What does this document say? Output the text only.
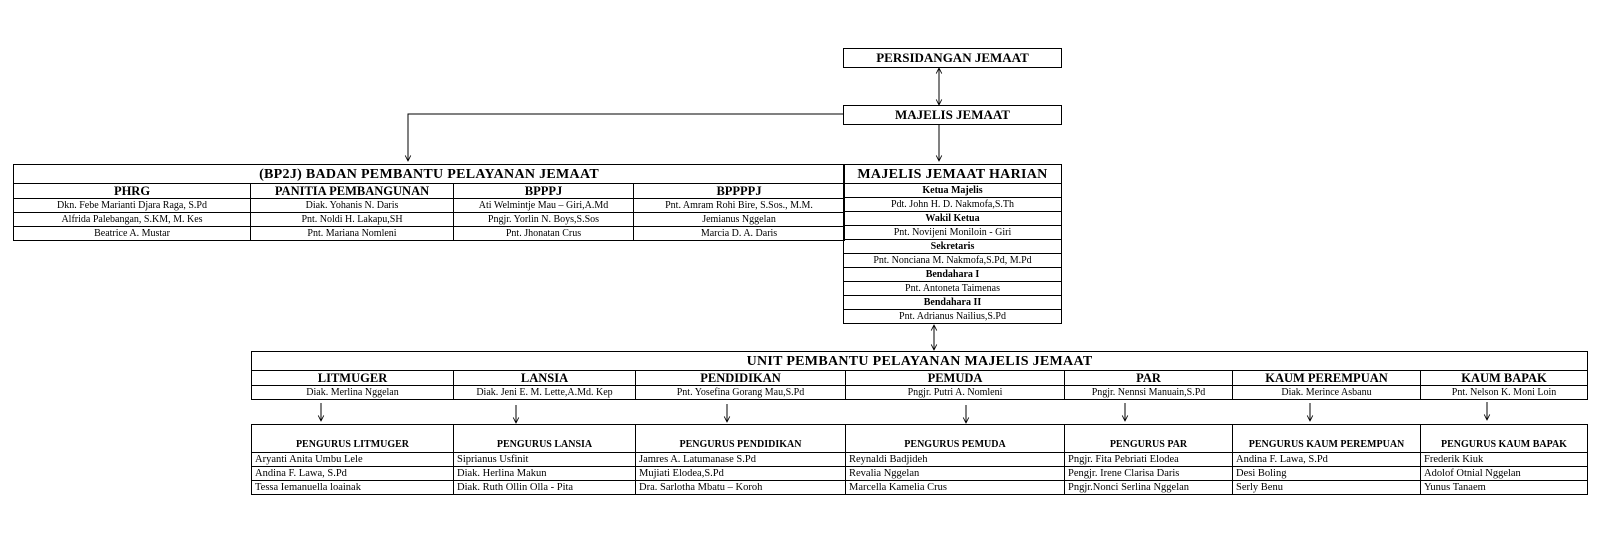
PERSIDANGAN JEMAAT
MAJELIS JEMAAT
(BP2J) BADAN PEMBANTU PELAYANAN JEMAAT			
PHRG	PANITIA PEMBANGUNAN	BPPPJ	BPPPPJ
Dkn. Febe Marianti Djara Raga, S.Pd	Diak. Yohanis N. Daris	Ati Welmintje Mau – Giri,A.Md	Pnt. Amram Rohi Bire, S.Sos., M.M.
Alfrida Palebangan, S.KM, M. Kes	Pnt. Noldi H. Lakapu,SH	Pngjr. Yorlin N. Boys,S.Sos	Jemianus Nggelan
Beatrice A. Mustar	Pnt. Mariana Nomleni	Pnt. Jhonatan Crus	Marcia D. A. Daris
MAJELIS JEMAAT HARIAN
Ketua Majelis
Pdt. John H. D. Nakmofa,S.Th
Wakil Ketua
Pnt. Novijeni Moniloin - Giri
Sekretaris
Pnt. Nonciana M. Nakmofa,S.Pd, M.Pd
Bendahara I
Pnt. Antoneta Taimenas
Bendahara II
Pnt. Adrianus Nailius,S.Pd
UNIT PEMBANTU PELAYANAN MAJELIS JEMAAT						
LITMUGER	LANSIA	PENDIDIKAN	PEMUDA	PAR	KAUM PEREMPUAN	KAUM BAPAK
Diak. Merlina Nggelan	Diak. Jeni E. M. Lette,A.Md. Kep	Pnt. Yosefina Gorang Mau,S.Pd	Pngjr. Putri A. Nomleni	Pngjr. Nennsi Manuain,S.Pd	Diak. Merince Asbanu	Pnt. Nelson K. Moni Loin

PENGURUS LITMUGER	PENGURUS LANSIA	PENGURUS PENDIDIKAN	PENGURUS PEMUDA	PENGURUS PAR	PENGURUS KAUM PEREMPUAN	PENGURUS KAUM BAPAK
Aryanti Anita Umbu Lele	Siprianus Usfinit	Jamres A. Latumanase S.Pd	Reynaldi Badjideh	Pngjr. Fita Pebriati Elodea	Andina F. Lawa, S.Pd	Frederik Kiuk
Andina F. Lawa, S.Pd	Diak. Herlina Makun	Mujiati Elodea,S.Pd	Revalia Nggelan	Pengjr. Irene Clarisa Daris	Desi Boling	Adolof Otnial Nggelan
Tessa Iemanuella loainak	Diak. Ruth Ollin Olla - Pita	Dra. Sarlotha Mbatu – Koroh	Marcella Kamelia Crus	Pngjr.Nonci Serlina Nggelan	Serly Benu	Yunus Tanaem
